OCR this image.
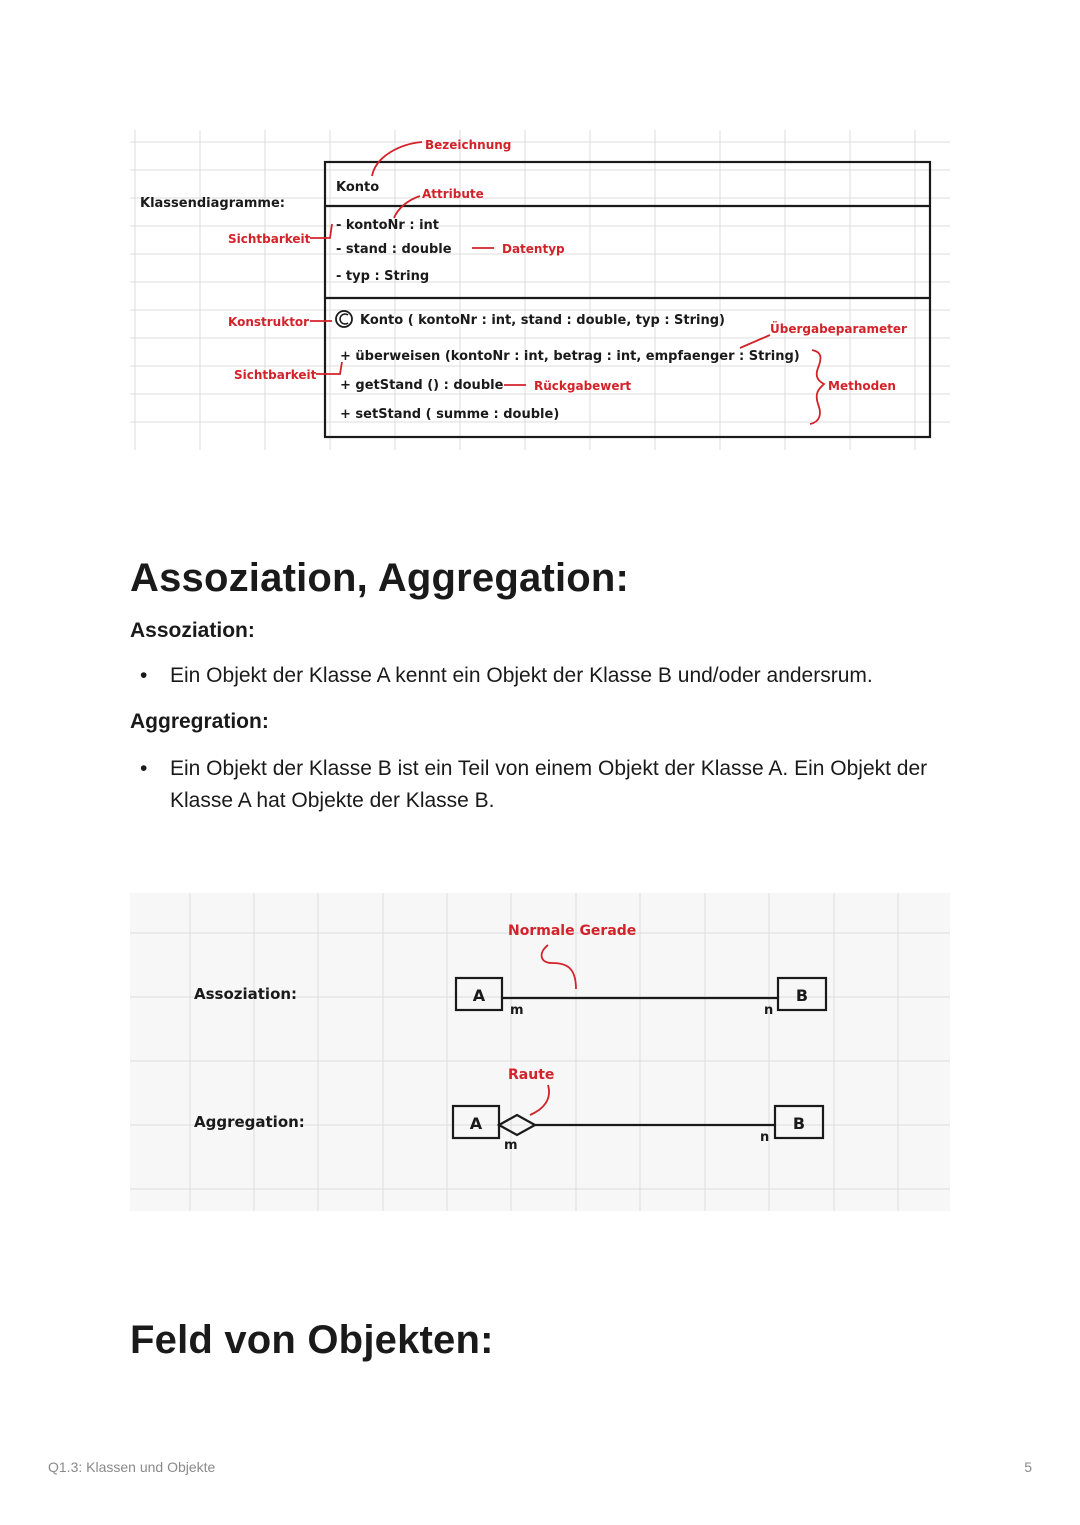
Klassendiagramme:
Konto
- kontoNr : int
- stand : double
- typ : String
Konto ( kontoNr : int, stand : double, typ : String)
+ überweisen (kontoNr : int, betrag : int, empfaenger : String)
+ getStand () : double
+ setStand ( summe : double)
Bezeichnung
Attribute
Sichtbarkeit
Datentyp
Konstruktor	Übergabeparameter
Sichtbarkeit
Rückgabewert	Methoden
Assoziation, Aggregation:
Assoziation:
• Ein Objekt der Klasse A kennt ein Objekt der Klasse B und/oder andersrum.
Aggregration:
• Ein Objekt der Klasse B ist ein Teil von einem Objekt der Klasse A. Ein Objekt der Klasse A hat Objekte der Klasse B.
Assoziation:	A	B
m	n
Normale Gerade
Aggregation:	A	B
m
n
Raute
Feld von Objekten:
Q1.3: Klassen und Objekte	5
